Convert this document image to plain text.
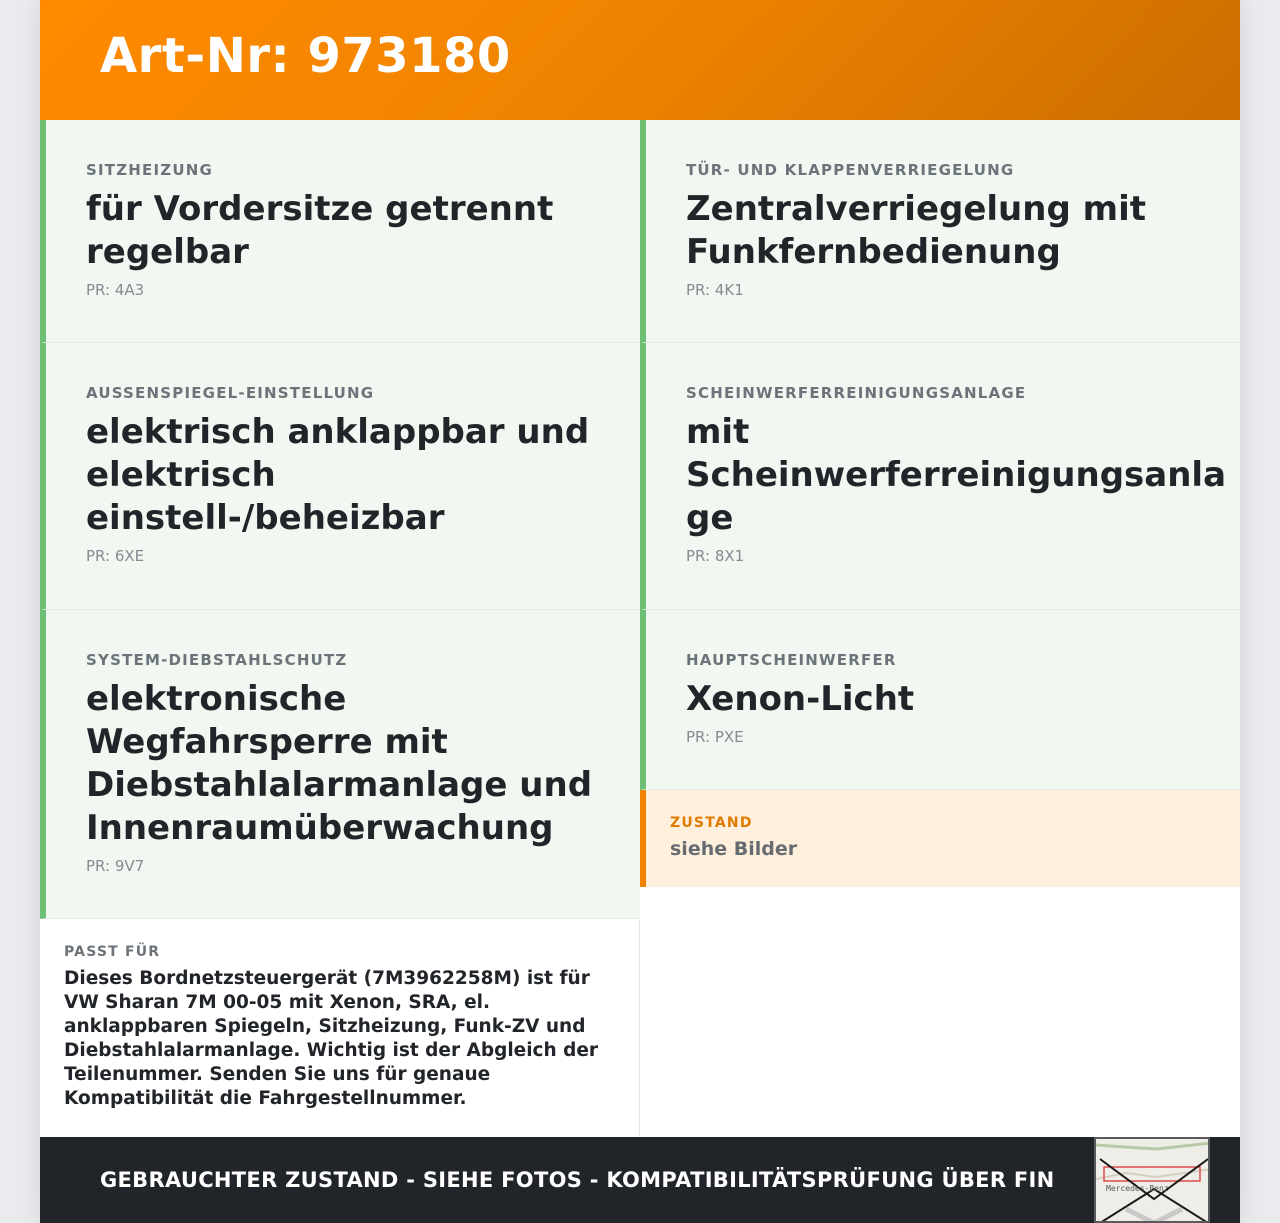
Art-Nr: 973180
SITZHEIZUNG
für Vordersitze getrennt regelbar
PR: 4A3
AUSSENSPIEGEL-EINSTELLUNG
elektrisch anklappbar und elektrisch einstell-/beheizbar
PR: 6XE
SYSTEM-DIEBSTAHLSCHUTZ
elektronische Wegfahrsperre mit Diebstahlalarmanlage und Innenraumüberwachung
PR: 9V7
TÜR- UND KLAPPENVERRIEGELUNG
Zentralverriegelung mit Funkfernbedienung
PR: 4K1
SCHEINWERFERREINIGUNGSANLAGE
mit Scheinwerferreinigungsanla ge
PR: 8X1
HAUPTSCHEINWERFER
Xenon-Licht
PR: PXE
ZUSTAND
siehe Bilder
PASST FÜR
Dieses Bordnetzsteuergerät (7M3962258M) ist für VW Sharan 7M 00-05 mit Xenon, SRA, el. anklappbaren Spiegeln, Sitzheizung, Funk-ZV und Diebstahlalarmanlage. Wichtig ist der Abgleich der Teilenummer. Senden Sie uns für genaue Kompatibilität die Fahrgestellnummer.
GEBRAUCHTER ZUSTAND - SIEHE FOTOS - KOMPATIBILITÄTSPRÜFUNG ÜBER FIN	Mercedes-Benz
